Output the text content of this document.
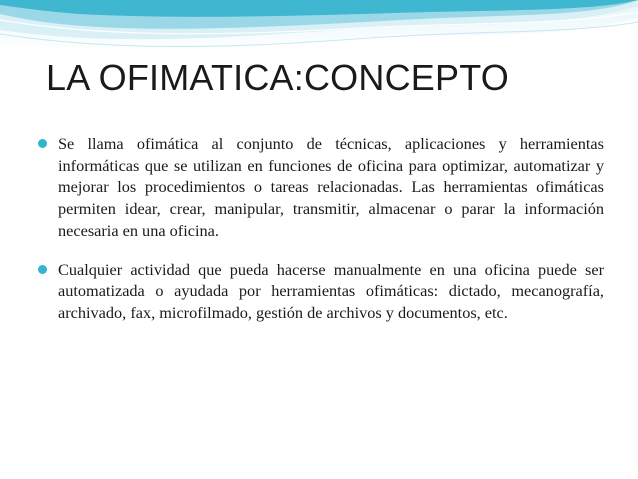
LA OFIMATICA:CONCEPTO
Se llama ofimática al conjunto de técnicas, aplicaciones y herramientas informáticas que se utilizan en funciones de oficina para optimizar, automatizar y mejorar los procedimientos o tareas relacionadas. Las herramientas ofimáticas permiten idear, crear, manipular, transmitir, almacenar o parar la información necesaria en una oficina.
Cualquier actividad que pueda hacerse manualmente en una oficina puede ser automatizada o ayudada por herramientas ofimáticas: dictado, mecanografía, archivado, fax, microfilmado, gestión de archivos y documentos, etc.
